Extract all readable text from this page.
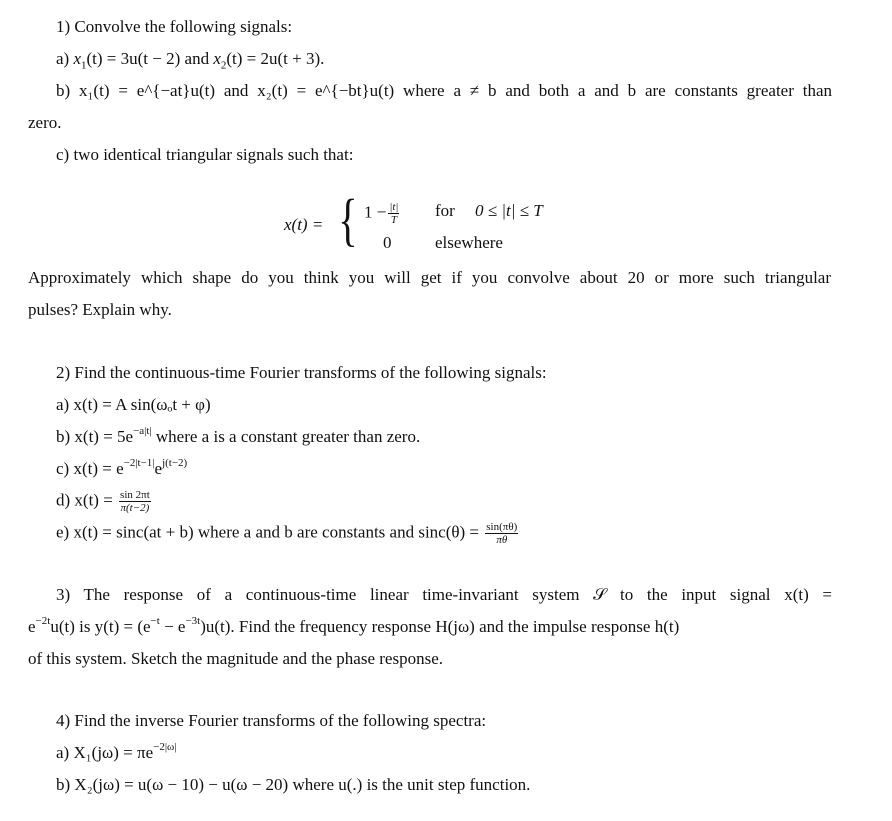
1) Convolve the following signals:
a) $x_1(t) = 3u(t - 2)$ and $x_2(t) = 2u(t + 3)$.
b) x₁(t) = e^{−at}u(t) and x₂(t) = e^{−bt}u(t) where a ≠ b and both a and b are constants greater than
zero.
c) two identical triangular signals such that:
x(t) = { $1 - \frac{|t|}{T}$ for 0 ≤ |t| ≤ T
0	elsewhere
Approximately which shape do you think you will get if you convolve about 20 or more such triangular
pulses? Explain why.
2) Find the continuous-time Fourier transforms of the following signals:
a) x(t) = A sin(ωₒt + φ)
b) $x(t) = 5e^{-a|t|}$ where a is a constant greater than zero.
c) $x(t) = e^{-2|t-1|}e^{j(t-2)}$
d) $x(t) = \frac{\sin 2\pi t}{\pi(t-2)}$
e) x(t) = sinc(at + b) where a and b are constants and $\sin c(\theta) = \frac{\sin(\pi\theta)}{\pi\theta}$
3) The response of a continuous-time linear time-invariant system 𝒮 to the input signal x(t) =
$e^{-2t}u(t)$ is $y(t) = (e^{-t} - e^{-3t})u(t)$. Find the frequency response H(jω) and the impulse response h(t)
of this system. Sketch the magnitude and the phase response.
4) Find the inverse Fourier transforms of the following spectra:
a) $X_1(j\omega) = \pi e^{-2|\omega|}$
b) X₂(jω) = u(ω − 10) − u(ω − 20) where u(.) is the unit step function.
